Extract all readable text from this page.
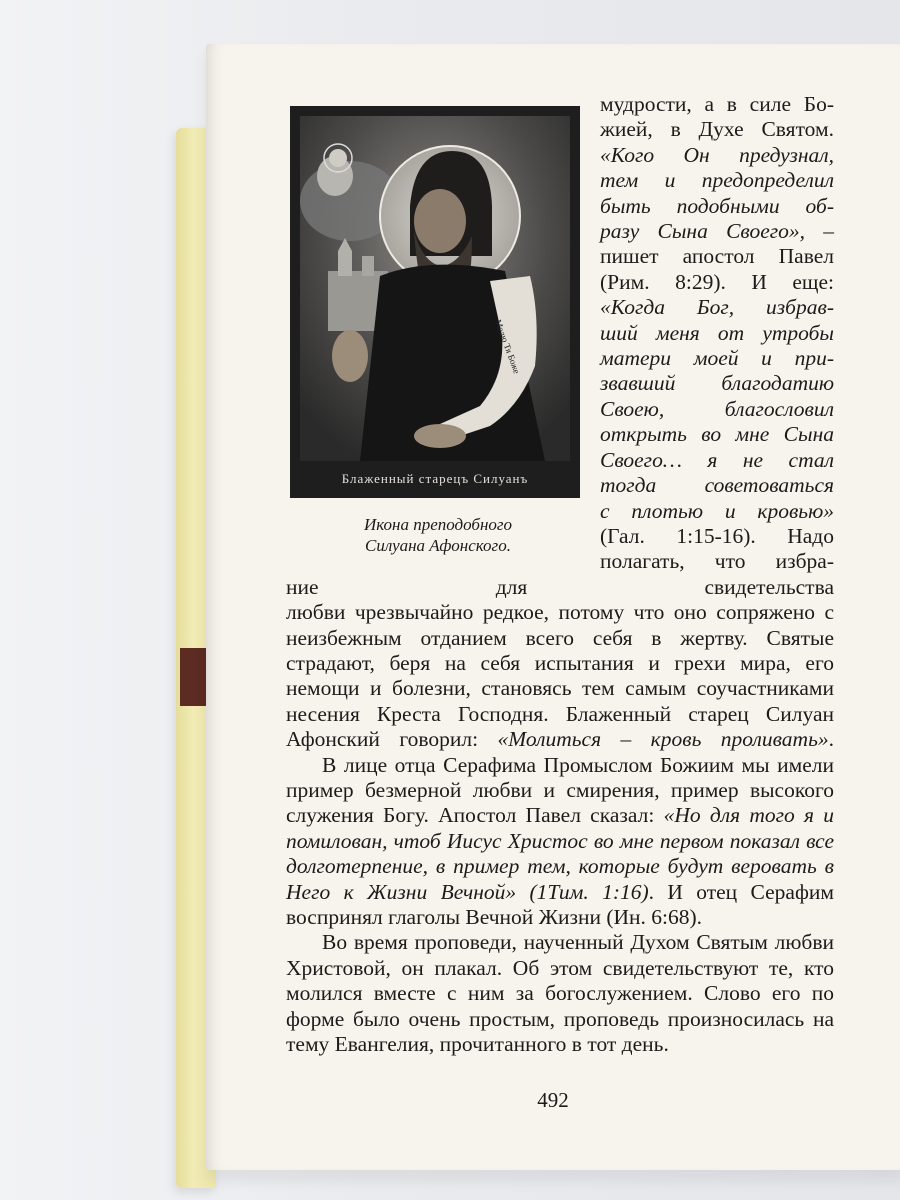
Молю Тя Боже
Блаженный старецъ Силуанъ
Икона преподобного
Силуана Афонского.
мудрости, а в силе Бо-
жией, в Духе Святом.
«Кого Он предузнал,
тем и предопределил
быть подобными об-
разу Сына Своего», –
пишет апостол Павел
(Рим. 8:29). И еще:
«Когда Бог, избрав-
ший меня от утробы
матери моей и при-
звавший благодатию
Своею, благословил
открыть во мне Сына
Своего… я не стал
тогда советоваться
с плотью и кровью»
(Гал. 1:15-16). Надо
полагать, что избра-
ние для свидетельства

любви чрезвычайно редкое, потому что оно сопряжено с неизбежным отданием всего себя в жертву. Святые страдают, беря на себя испытания и грехи мира, его немощи и болезни, становясь тем самым соучастниками несения Креста Господня. Блаженный старец Силуан Афонский говорил: «Молиться – кровь проливать».

В лице отца Серафима Промыслом Божиим мы имели пример безмерной любви и смирения, пример высокого служения Богу. Апостол Павел сказал: «Но для того я и помилован, чтоб Иисус Христос во мне первом показал все долготерпение, в пример тем, которые будут веровать в Него к Жизни Вечной» (1Тим. 1:16). И отец Серафим воспринял глаголы Вечной Жизни (Ин. 6:68).

Во время проповеди, наученный Духом Святым любви Христовой, он плакал. Об этом свидетельствуют те, кто молился вместе с ним за богослужением. Слово его по форме было очень простым, проповедь произносилась на тему Евангелия, прочитанного в тот день.

492
